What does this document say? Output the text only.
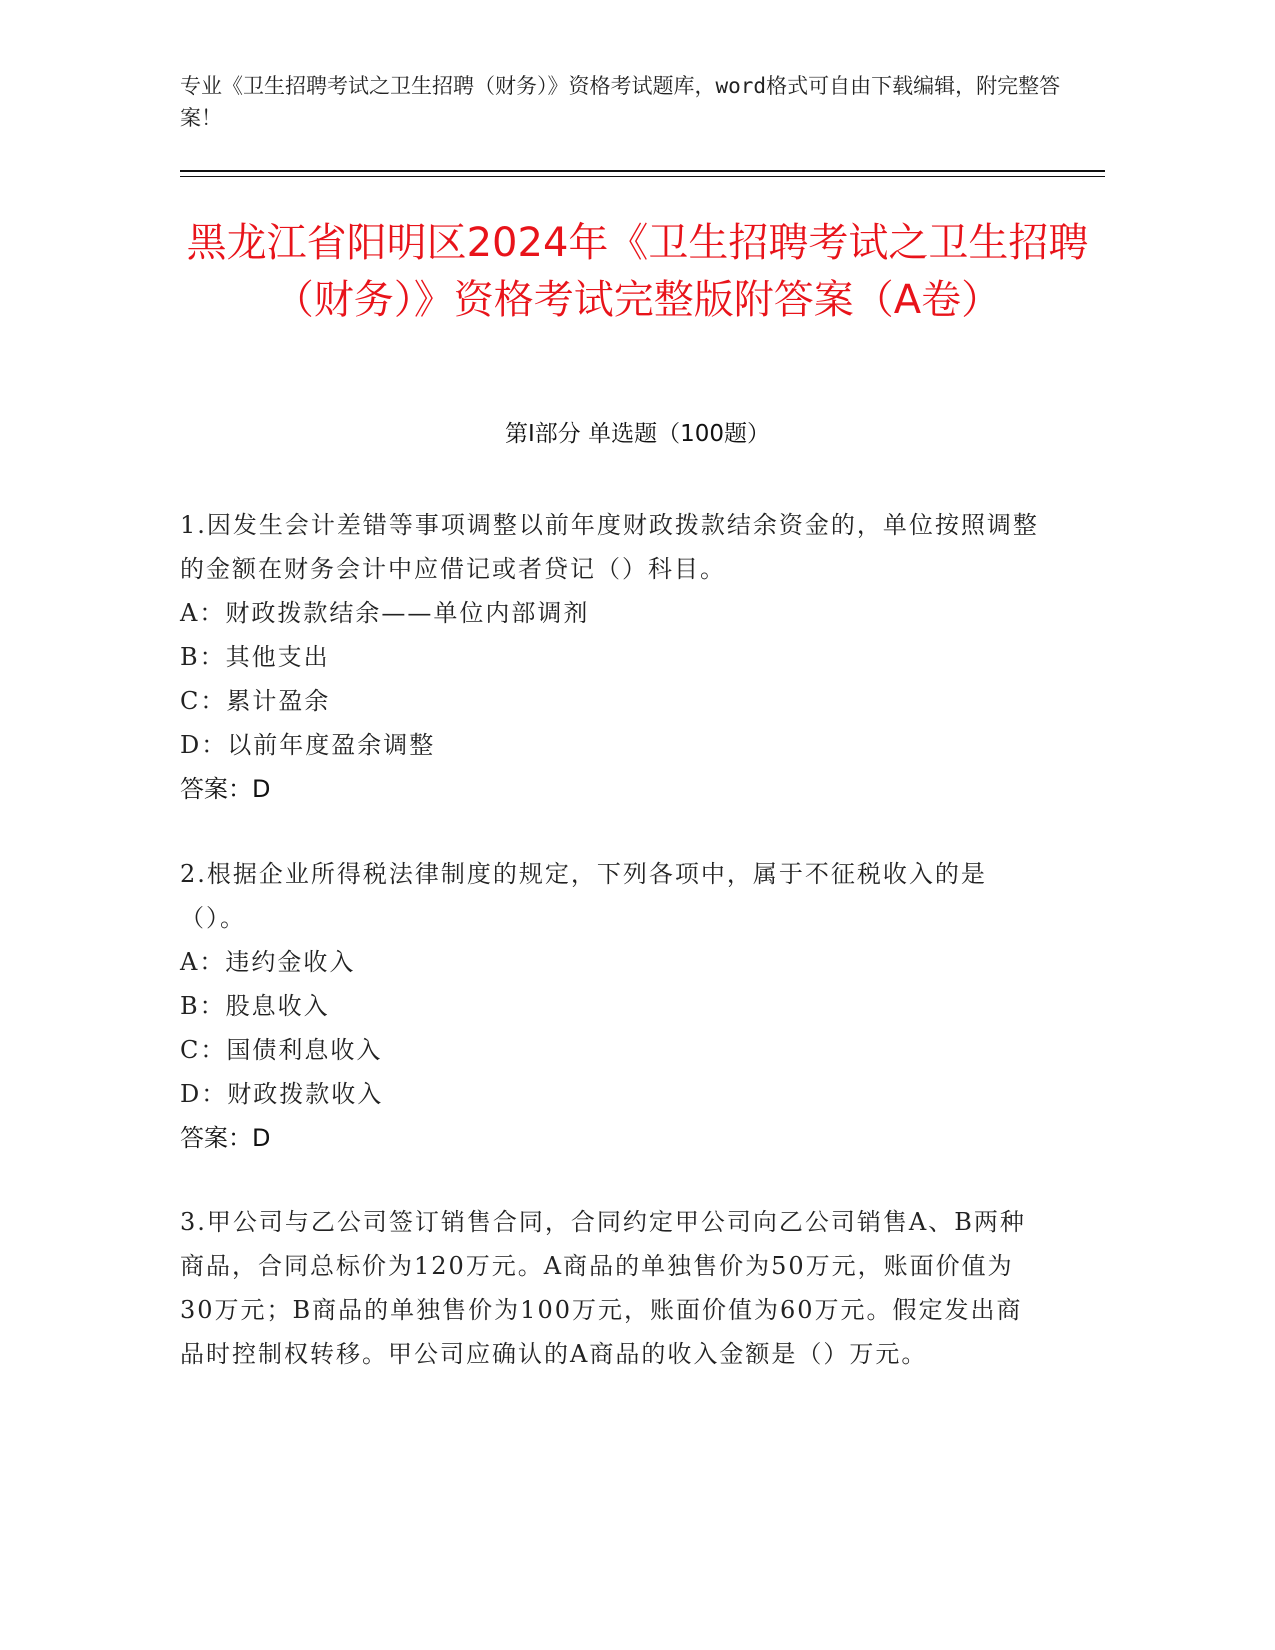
专业《卫生招聘考试之卫生招聘（财务）》资格考试题库，word格式可自由下载编辑，附完整答案！
黑龙江省阳明区2024年《卫生招聘考试之卫生招聘（财务）》资格考试完整版附答案（A卷）
第I部分 单选题（100题）
1.因发生会计差错等事项调整以前年度财政拨款结余资金的，单位按照调整的金额在财务会计中应借记或者贷记（）科目。
A：财政拨款结余——单位内部调剂
B：其他支出
C：累计盈余
D：以前年度盈余调整
答案：D
2.根据企业所得税法律制度的规定，下列各项中，属于不征税收入的是（）。
A：违约金收入
B：股息收入
C：国债利息收入
D：财政拨款收入
答案：D
3.甲公司与乙公司签订销售合同，合同约定甲公司向乙公司销售A、B两种商品，合同总标价为120万元。A商品的单独售价为50万元，账面价值为30万元；B商品的单独售价为100万元，账面价值为60万元。假定发出商品时控制权转移。甲公司应确认的A商品的收入金额是（）万元。
